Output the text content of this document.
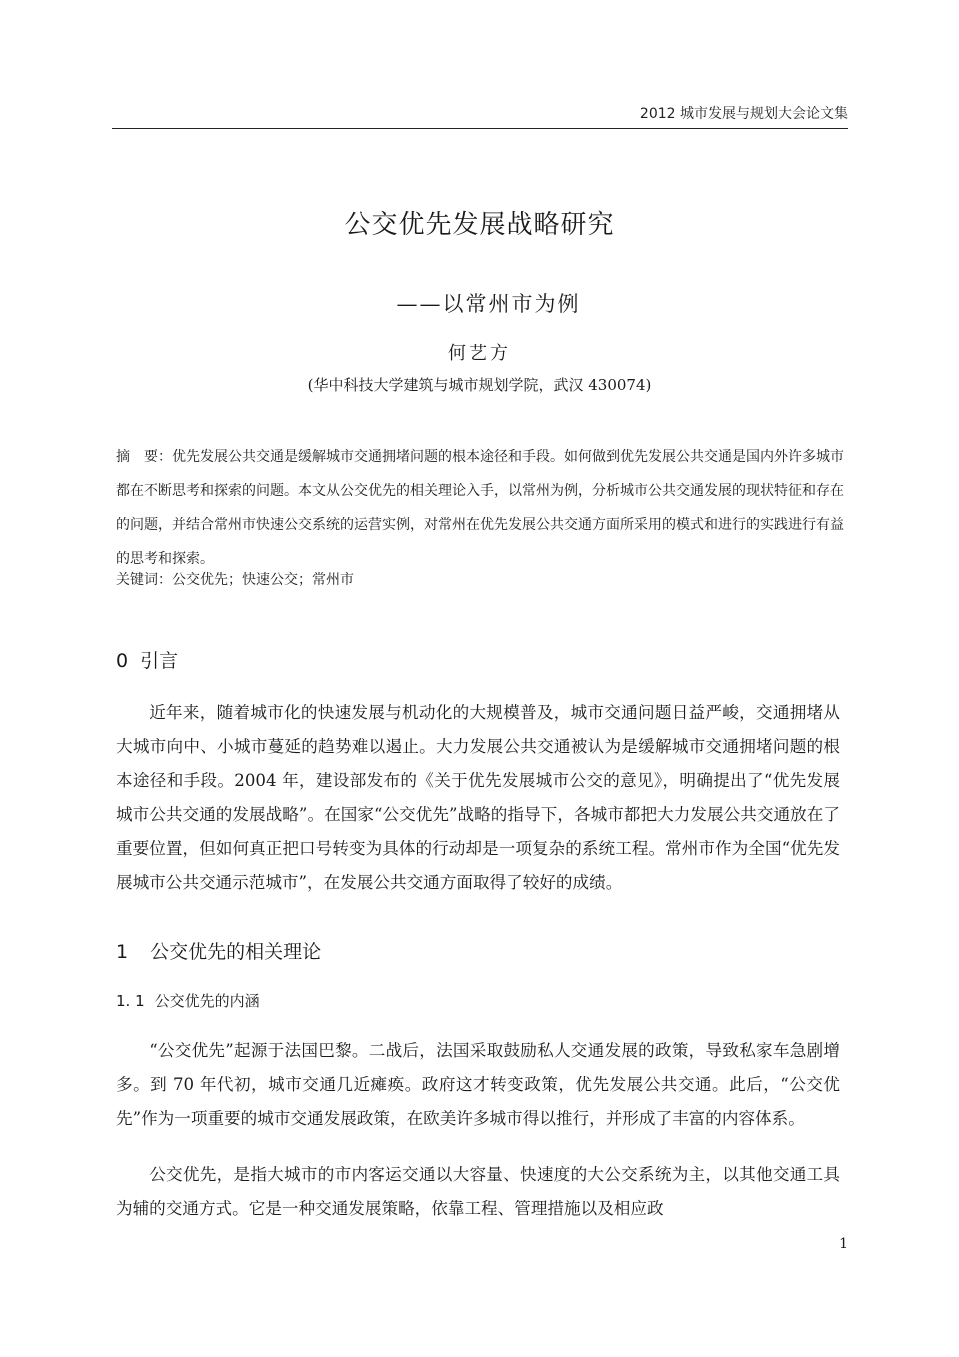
2012 城市发展与规划大会论文集
公交优先发展战略研究
——以常州市为例
何艺方
(华中科技大学建筑与城市规划学院，武汉 430074)
摘　要：优先发展公共交通是缓解城市交通拥堵问题的根本途径和手段。如何做到优先发展公共交通是国内外许多城市都在不断思考和探索的问题。本文从公交优先的相关理论入手，以常州为例，分析城市公共交通发展的现状特征和存在的问题，并结合常州市快速公交系统的运营实例，对常州在优先发展公共交通方面所采用的模式和进行的实践进行有益的思考和探索。
关键词：公交优先；快速公交；常州市
0 引言
近年来，随着城市化的快速发展与机动化的大规模普及，城市交通问题日益严峻，交通拥堵从大城市向中、小城市蔓延的趋势难以遏止。大力发展公共交通被认为是缓解城市交通拥堵问题的根本途径和手段。2004 年，建设部发布的《关于优先发展城市公交的意见》，明确提出了“优先发展城市公共交通的发展战略”。在国家“公交优先”战略的指导下，各城市都把大力发展公共交通放在了重要位置，但如何真正把口号转变为具体的行动却是一项复杂的系统工程。常州市作为全国“优先发展城市公共交通示范城市”，在发展公共交通方面取得了较好的成绩。
1 公交优先的相关理论
1. 1 公交优先的内涵
“公交优先”起源于法国巴黎。二战后，法国采取鼓励私人交通发展的政策，导致私家车急剧增多。到 70 年代初，城市交通几近瘫痪。政府这才转变政策，优先发展公共交通。此后，“公交优先”作为一项重要的城市交通发展政策，在欧美许多城市得以推行，并形成了丰富的内容体系。
公交优先，是指大城市的市内客运交通以大容量、快速度的大公交系统为主，以其他交通工具为辅的交通方式。它是一种交通发展策略，依靠工程、管理措施以及相应政
1
